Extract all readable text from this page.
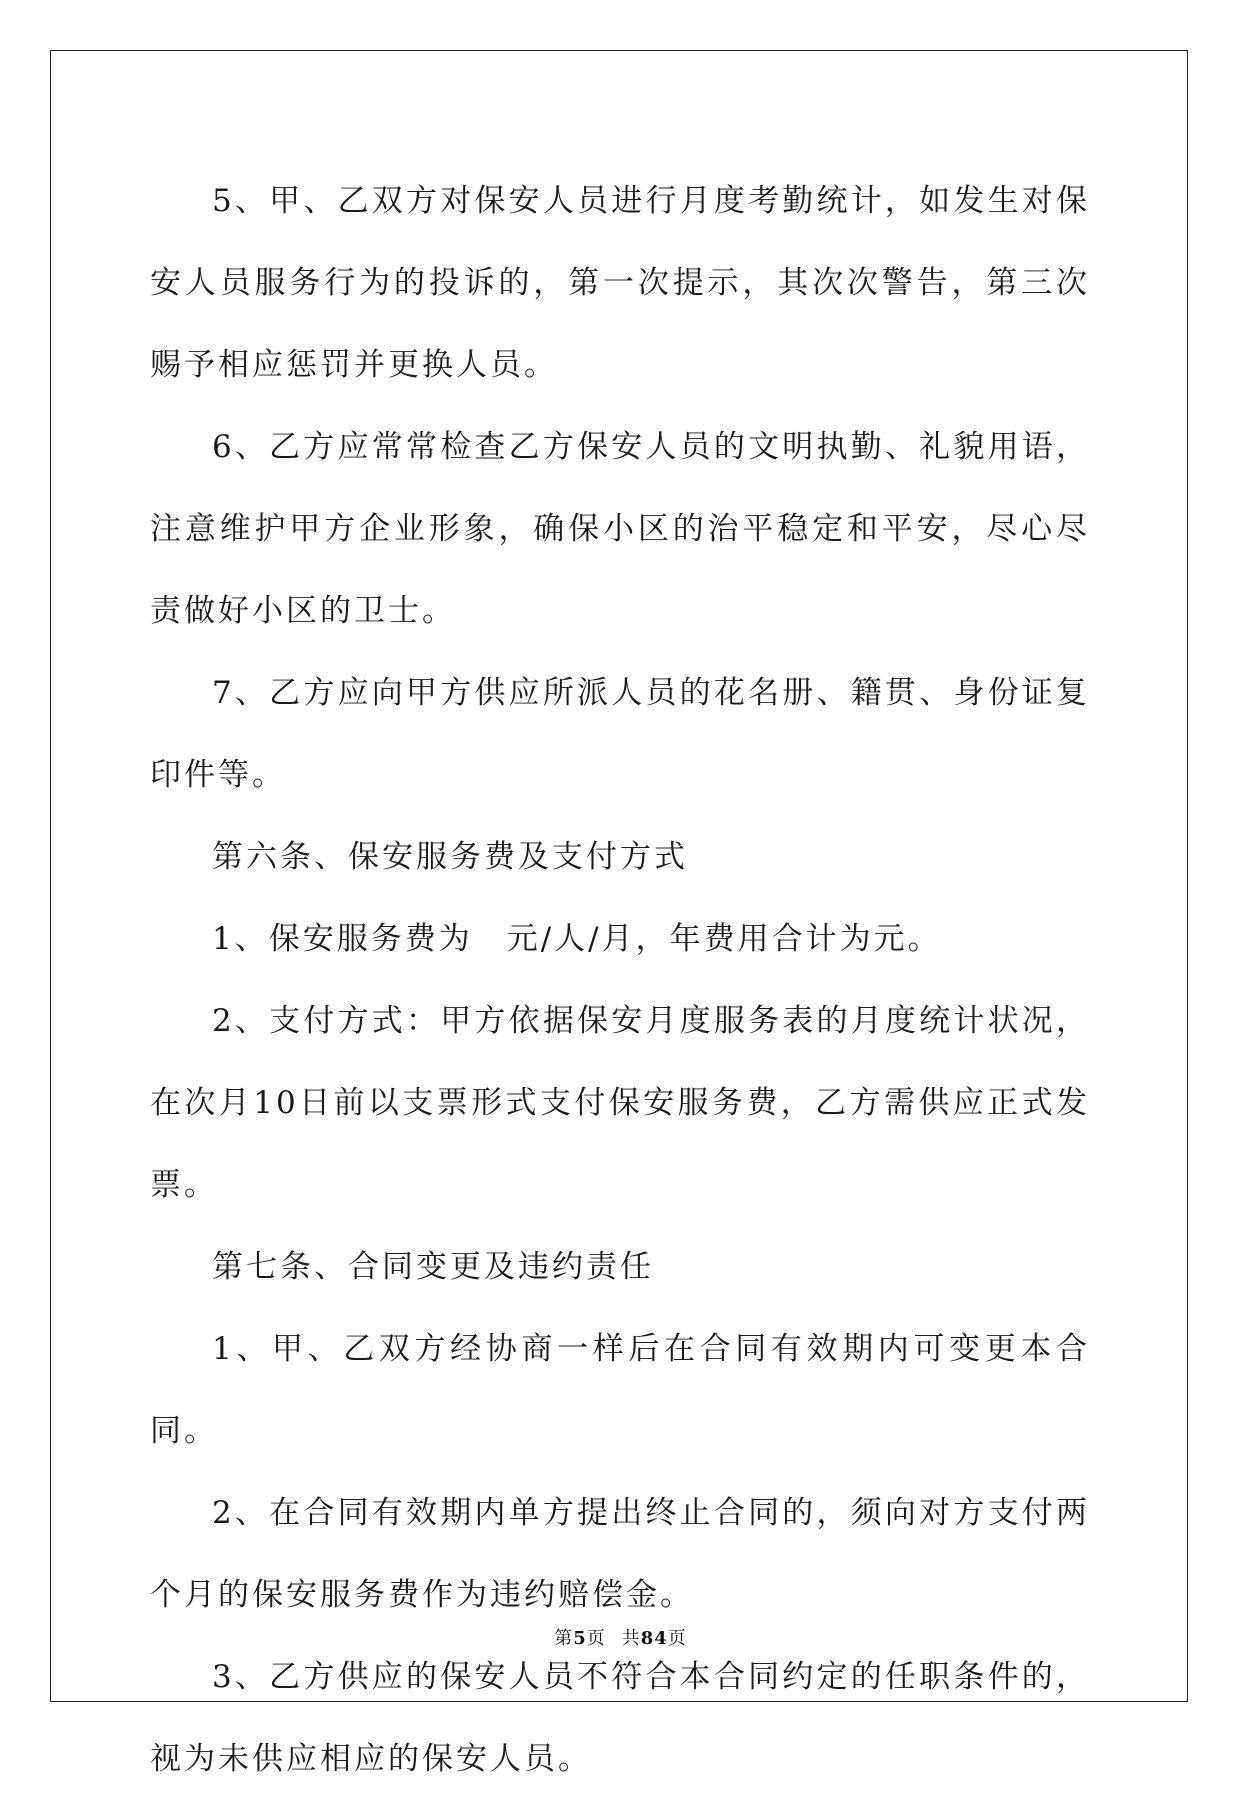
5、甲、乙双方对保安人员进行月度考勤统计，如发生对保安人员服务行为的投诉的，第一次提示，其次次警告，第三次赐予相应惩罚并更换人员。

6、乙方应常常检查乙方保安人员的文明执勤、礼貌用语，注意维护甲方企业形象，确保小区的治平稳定和平安，尽心尽责做好小区的卫士。

7、乙方应向甲方供应所派人员的花名册、籍贯、身份证复印件等。

第六条、保安服务费及支付方式

1、保安服务费为　元/人/月，年费用合计为元。

2、支付方式：甲方依据保安月度服务表的月度统计状况，在次月10日前以支票形式支付保安服务费，乙方需供应正式发票。

第七条、合同变更及违约责任

1、甲、乙双方经协商一样后在合同有效期内可变更本合同。

2、在合同有效期内单方提出终止合同的，须向对方支付两个月的保安服务费作为违约赔偿金。

3、乙方供应的保安人员不符合本合同约定的任职条件的，视为未供应相应的保安人员。

第5页 共84页
